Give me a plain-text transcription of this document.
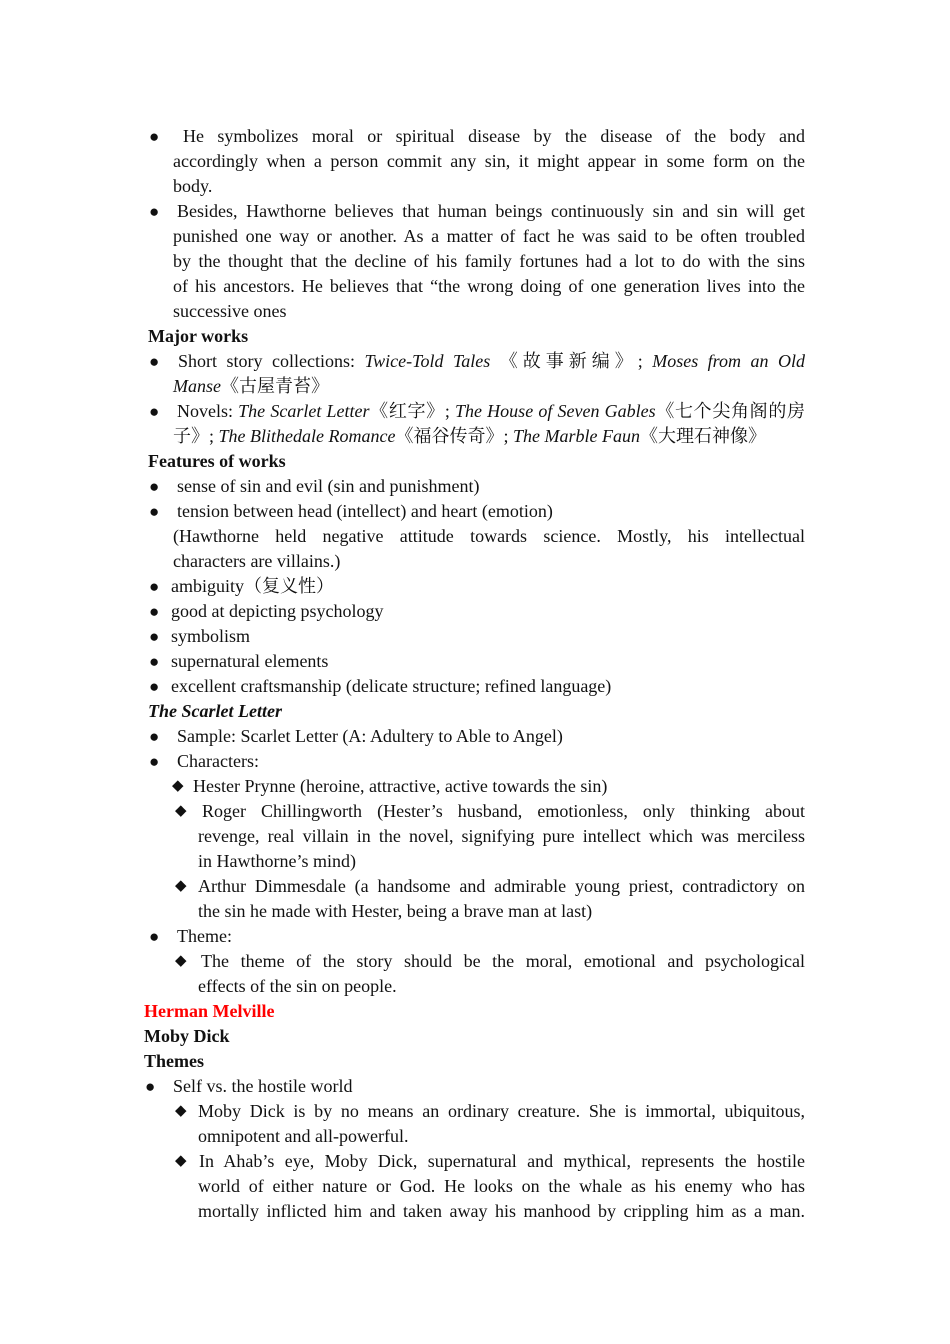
● He symbolizes moral or spiritual disease by the disease of the body and
accordingly when a person commit any sin, it might appear in some form on the
body.
● Besides, Hawthorne believes that human beings continuously sin and sin will get
punished one way or another. As a matter of fact he was said to be often troubled
by the thought that the decline of his family fortunes had a lot to do with the sins
of his ancestors. He believes that “the wrong doing of one generation lives into the
successive ones
Major works
● Short story collections: Twice-Told Tales 《故事新编》; Moses from an Old
Manse《古屋青苔》
● Novels: The Scarlet Letter《红字》; The House of Seven Gables《七个尖角阁的房
子》; The Blithedale Romance《福谷传奇》; The Marble Faun《大理石神像》
Features of works
● sense of sin and evil (sin and punishment)
● tension between head (intellect) and heart (emotion)
(Hawthorne held negative attitude towards science. Mostly, his intellectual
characters are villains.)
● ambiguity（复义性）
● good at depicting psychology
● symbolism
● supernatural elements
● excellent craftsmanship (delicate structure; refined language)
The Scarlet Letter
● Sample: Scarlet Letter (A: Adultery to Able to Angel)
● Characters:
◆ Hester Prynne (heroine, attractive, active towards the sin)
◆ Roger Chillingworth (Hester’s husband, emotionless, only thinking about
revenge, real villain in the novel, signifying pure intellect which was merciless
in Hawthorne’s mind)
◆ Arthur Dimmesdale (a handsome and admirable young priest, contradictory on
the sin he made with Hester, being a brave man at last)
● Theme:
◆ The theme of the story should be the moral, emotional and psychological
effects of the sin on people.
Herman Melville
Moby Dick
Themes
● Self vs. the hostile world
◆ Moby Dick is by no means an ordinary creature. She is immortal, ubiquitous,
omnipotent and all-powerful.
◆ In Ahab’s eye, Moby Dick, supernatural and mythical, represents the hostile
world of either nature or God. He looks on the whale as his enemy who has
mortally inflicted him and taken away his manhood by crippling him as a man.
